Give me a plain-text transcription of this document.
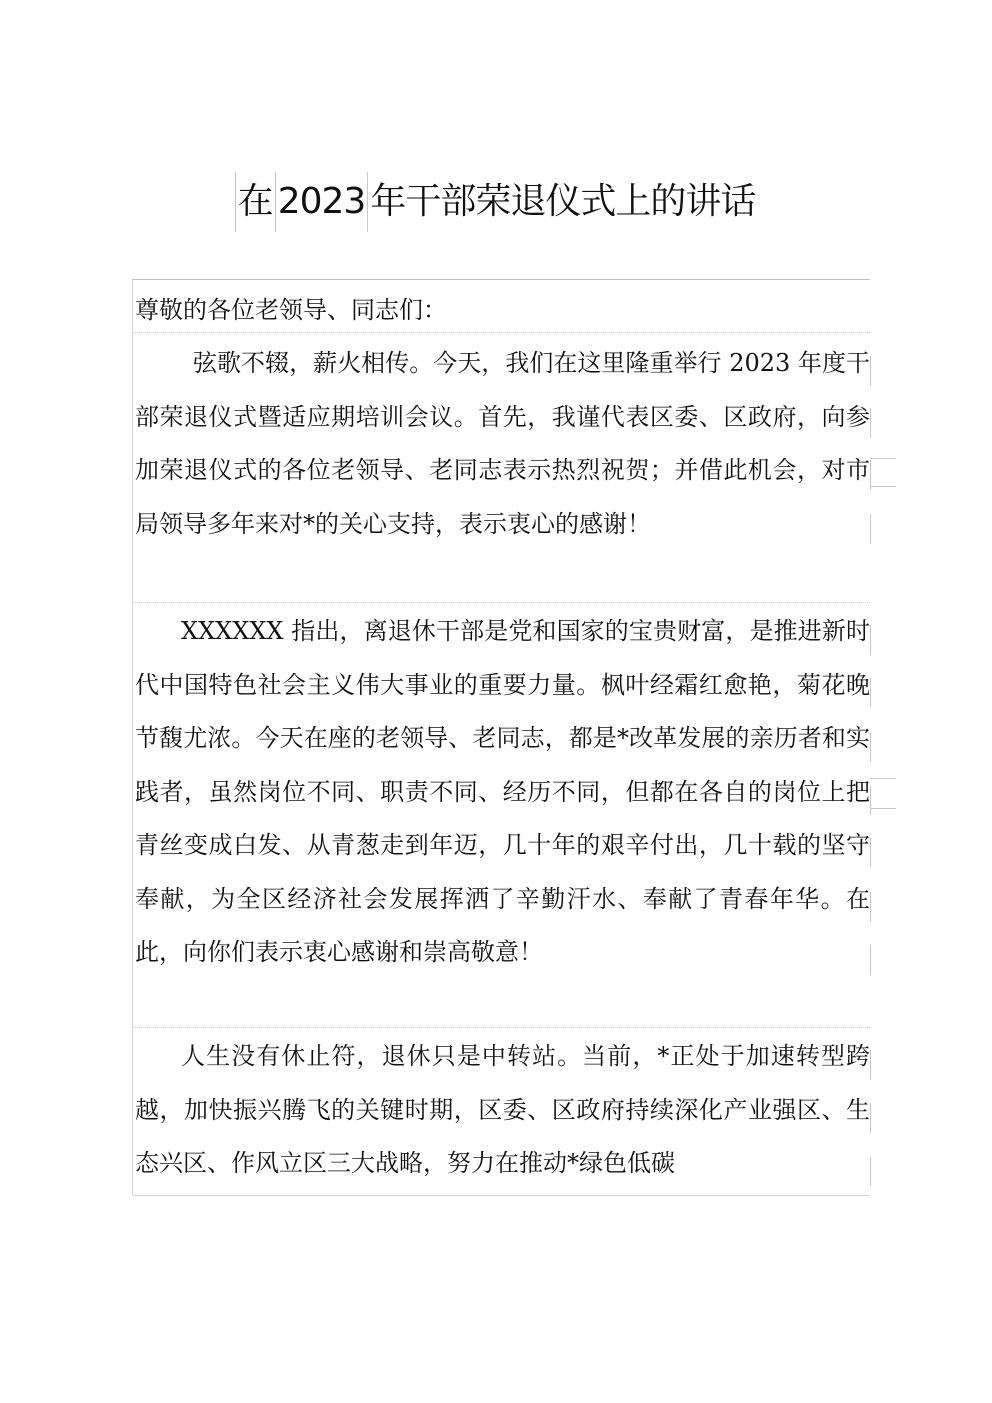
在 2023 年干部荣退仪式上的讲话

尊敬的各位老领导、同志们：

弦歌不辍，薪火相传。今天，我们在这里隆重举行 2023 年度干部荣退仪式暨适应期培训会议。首先，我谨代表区委、区政府，向参加荣退仪式的各位老领导、老同志表示热烈祝贺；并借此机会，对市局领导多年来对*的关心支持，表示衷心的感谢！

XXXXXX 指出，离退休干部是党和国家的宝贵财富，是推进新时代中国特色社会主义伟大事业的重要力量。枫叶经霜红愈艳，菊花晚节馥尤浓。今天在座的老领导、老同志，都是*改革发展的亲历者和实践者，虽然岗位不同、职责不同、经历不同，但都在各自的岗位上把青丝变成白发、从青葱走到年迈，几十年的艰辛付出，几十载的坚守奉献，为全区经济社会发展挥洒了辛勤汗水、奉献了青春年华。在此，向你们表示衷心感谢和崇高敬意！

人生没有休止符，退休只是中转站。当前，*正处于加速转型跨越，加快振兴腾飞的关键时期，区委、区政府持续深化产业强区、生态兴区、作风立区三大战略，努力在推动*绿色低碳
